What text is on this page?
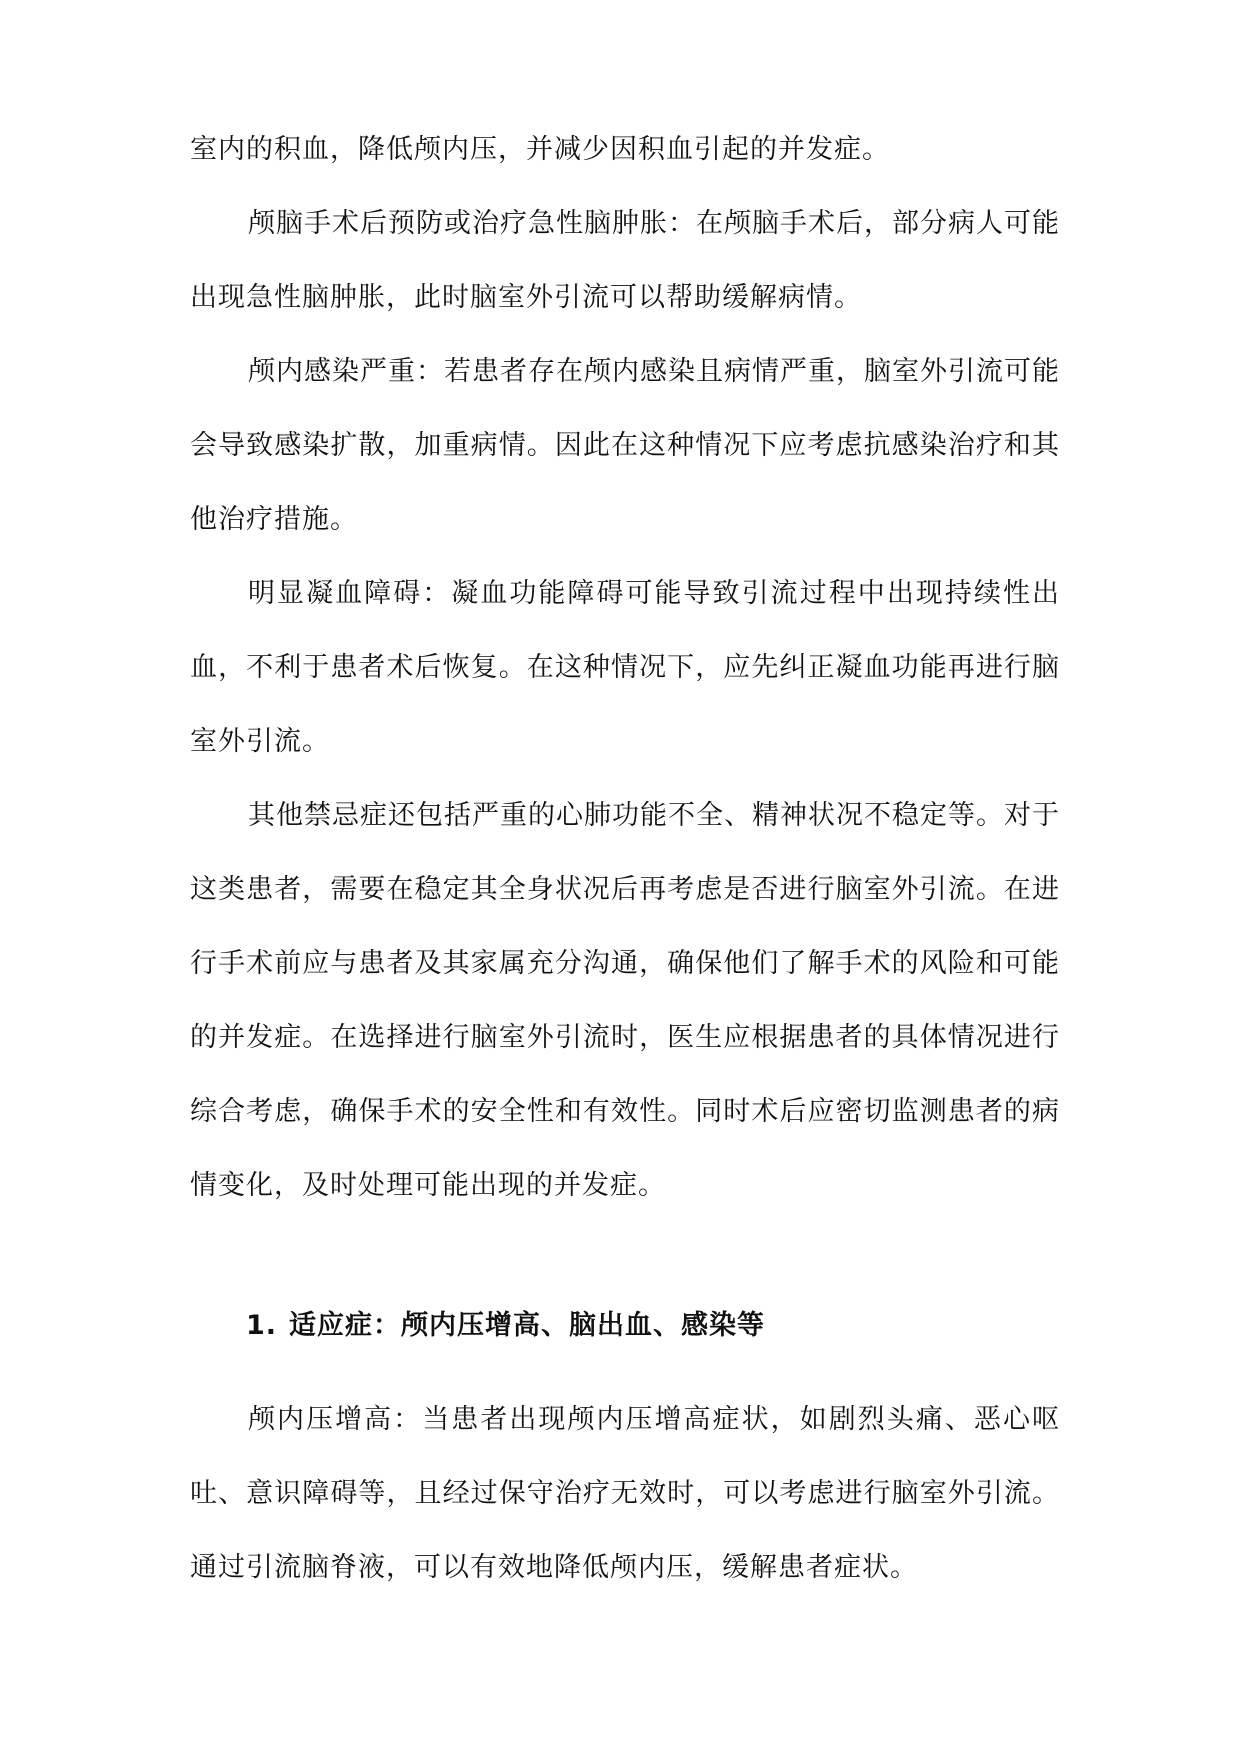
室内的积血，降低颅内压，并减少因积血引起的并发症。

颅脑手术后预防或治疗急性脑肿胀：在颅脑手术后，部分病人可能出现急性脑肿胀，此时脑室外引流可以帮助缓解病情。

颅内感染严重：若患者存在颅内感染且病情严重，脑室外引流可能会导致感染扩散，加重病情。因此在这种情况下应考虑抗感染治疗和其他治疗措施。

明显凝血障碍：凝血功能障碍可能导致引流过程中出现持续性出血，不利于患者术后恢复。在这种情况下，应先纠正凝血功能再进行脑室外引流。

其他禁忌症还包括严重的心肺功能不全、精神状况不稳定等。对于这类患者，需要在稳定其全身状况后再考虑是否进行脑室外引流。在进行手术前应与患者及其家属充分沟通，确保他们了解手术的风险和可能的并发症。在选择进行脑室外引流时，医生应根据患者的具体情况进行综合考虑，确保手术的安全性和有效性。同时术后应密切监测患者的病情变化，及时处理可能出现的并发症。

1. 适应症：颅内压增高、脑出血、感染等

颅内压增高：当患者出现颅内压增高症状，如剧烈头痛、恶心呕吐、意识障碍等，且经过保守治疗无效时，可以考虑进行脑室外引流。通过引流脑脊液，可以有效地降低颅内压，缓解患者症状。
